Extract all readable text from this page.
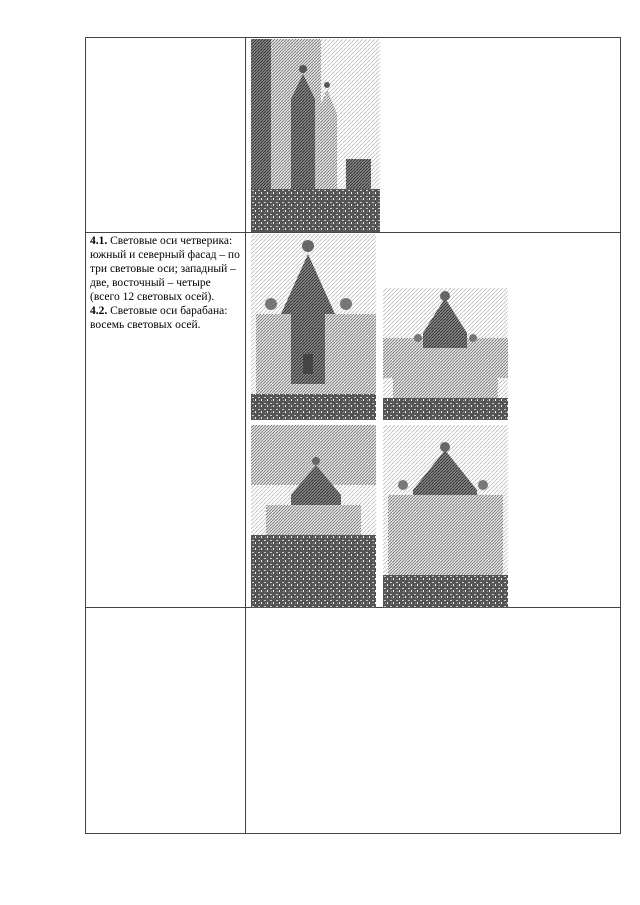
4.1. Световые оси четверика:

южный и северный фасад – по три световые оси; западный – две, восточный – четыре (всего 12 световых осей).

4.2. Световые оси барабана:

восемь световых осей.
